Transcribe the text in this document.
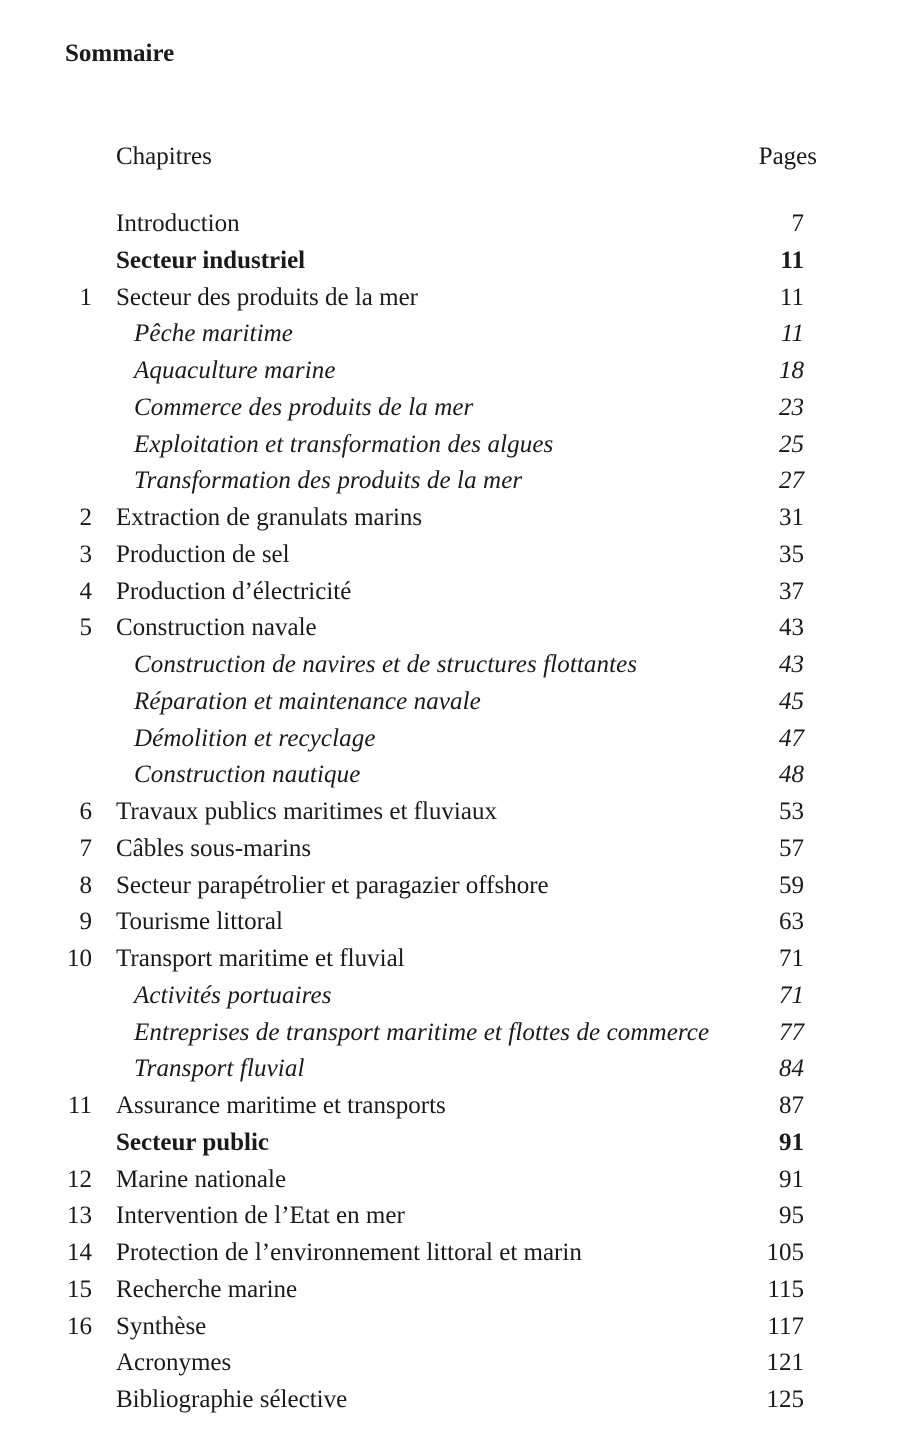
Sommaire
Chapitres	Pages
Introduction	7
Secteur industriel	11
1 Secteur des produits de la mer	11
Pêche maritime	11
Aquaculture marine	18
Commerce des produits de la mer	23
Exploitation et transformation des algues	25
Transformation des produits de la mer	27
2 Extraction de granulats marins	31
3 Production de sel	35
4 Production d’électricité	37
5 Construction navale	43
Construction de navires et de structures flottantes	43
Réparation et maintenance navale	45
Démolition et recyclage	47
Construction nautique	48
6 Travaux publics maritimes et fluviaux	53
7 Câbles sous-marins	57
8 Secteur parapétrolier et paragazier offshore	59
9 Tourisme littoral	63
10 Transport maritime et fluvial	71
Activités portuaires	71
Entreprises de transport maritime et flottes de commerce	77
Transport fluvial	84
11 Assurance maritime et transports	87
Secteur public	91
12 Marine nationale	91
13 Intervention de l’Etat en mer	95
14 Protection de l’environnement littoral et marin	105
15 Recherche marine	115
16 Synthèse	117
Acronymes	121
Bibliographie sélective	125
